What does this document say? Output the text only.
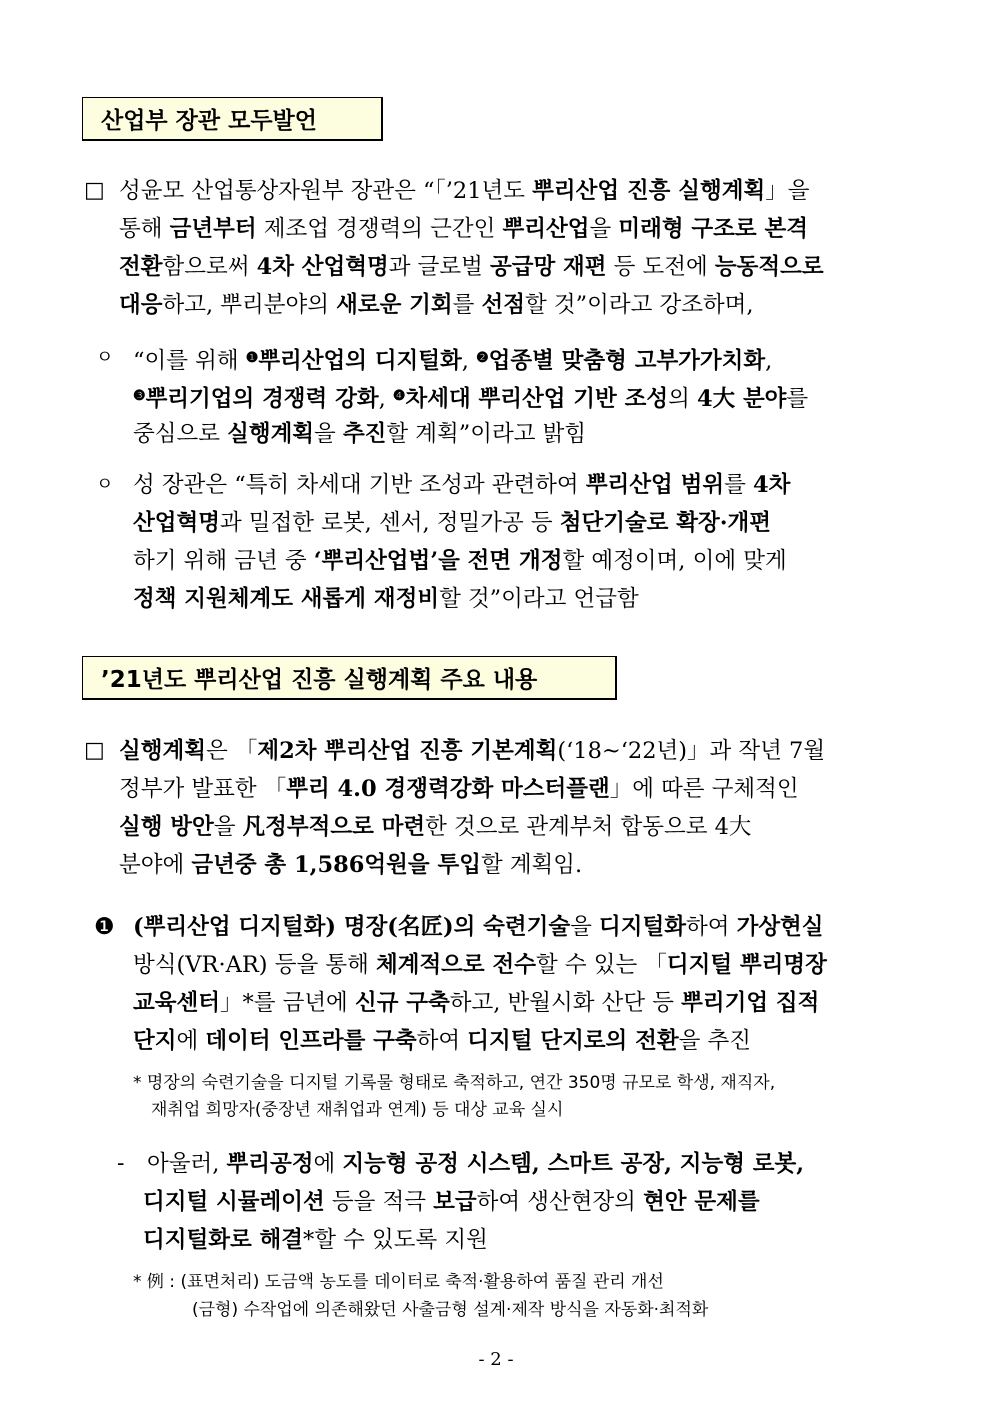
산업부 장관 모두발언
□ 성윤모 산업통상자원부 장관은 “「’21년도 뿌리산업 진흥 실행계획」을
통해 금년부터 제조업 경쟁력의 근간인 뿌리산업을 미래형 구조로 본격
전환함으로써 4차 산업혁명과 글로벌 공급망 재편 등 도전에 능동적으로
대응하고, 뿌리분야의 새로운 기회를 선점할 것”이라고 강조하며,
ㅇ “이를 위해 $^❶$뿌리산업의 디지털화, $^❷$업종별 맞춤형 고부가가치화,
$^❸$뿌리기업의 경쟁력 강화, $^❹$차세대 뿌리산업 기반 조성의 4大 분야를
중심으로 실행계획을 추진할 계획”이라고 밝힘
ㅇ 성 장관은 “특히 차세대 기반 조성과 관련하여 뿌리산업 범위를 4차
산업혁명과 밀접한 로봇, 센서, 정밀가공 등 첨단기술로 확장·개편
하기 위해 금년 중 ‘뿌리산업법’을 전면 개정할 예정이며, 이에 맞게
정책 지원체계도 새롭게 재정비할 것”이라고 언급함
’21년도 뿌리산업 진흥 실행계획 주요 내용
□ 실행계획은 「제2차 뿌리산업 진흥 기본계획(‘18~‘22년)」과 작년 7월
정부가 발표한 「뿌리 4.0 경쟁력강화 마스터플랜」에 따른 구체적인
실행 방안을 凡정부적으로 마련한 것으로 관계부처 합동으로 4大
분야에 금년중 총 1,586억원을 투입할 계획임.
❶ (뿌리산업 디지털화) 명장(名匠)의 숙련기술을 디지털화하여 가상현실
방식(VR·AR) 등을 통해 체계적으로 전수할 수 있는 「디지털 뿌리명장
교육센터」*를 금년에 신규 구축하고, 반월시화 산단 등 뿌리기업 집적
단지에 데이터 인프라를 구축하여 디지털 단지로의 전환을 추진
* 명장의 숙련기술을 디지털 기록물 형태로 축적하고, 연간 350명 규모로 학생, 재직자,
재취업 희망자(중장년 재취업과 연계) 등 대상 교육 실시
- 아울러, 뿌리공정에 지능형 공정 시스템, 스마트 공장, 지능형 로봇,
디지털 시뮬레이션 등을 적극 보급하여 생산현장의 현안 문제를
디지털화로 해결*할 수 있도록 지원
* 例 : (표면처리) 도금액 농도를 데이터로 축적·활용하여 품질 관리 개선
(금형) 수작업에 의존해왔던 사출금형 설계·제작 방식을 자동화·최적화
- 2 -
